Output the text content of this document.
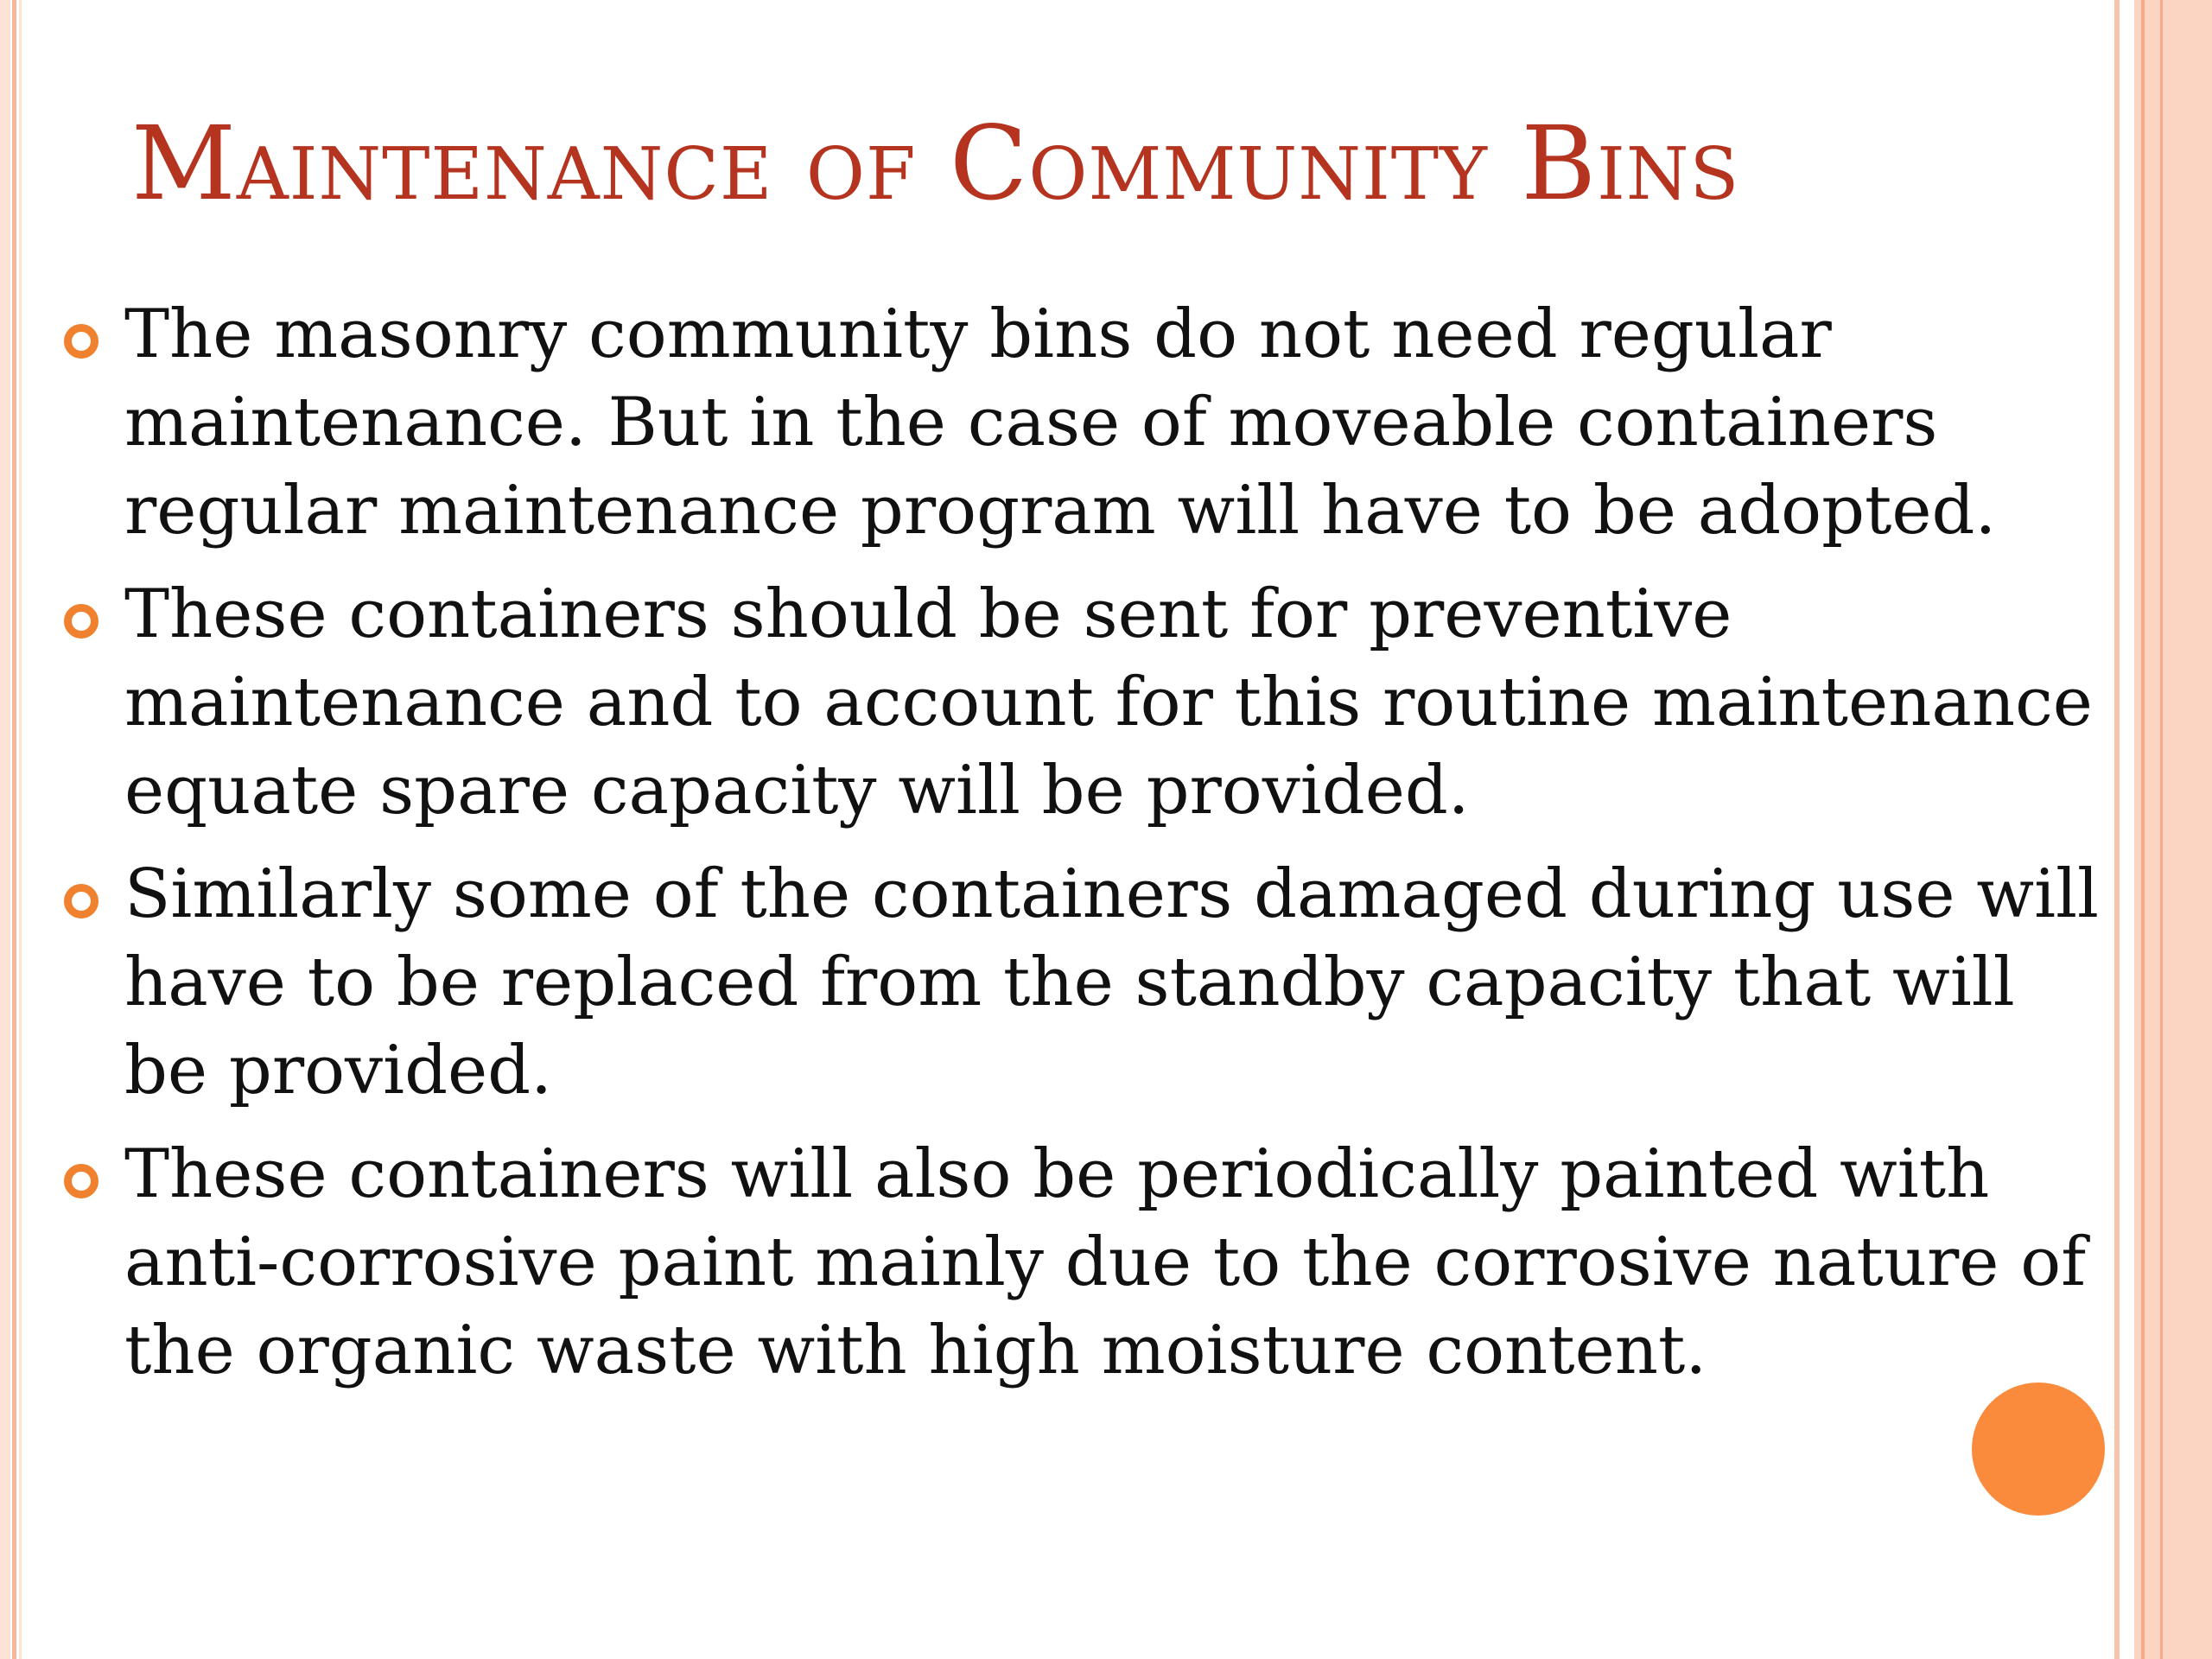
Maintenance of Community Bins
The masonry community bins do not need regular maintenance. But in the case of moveable containers regular maintenance program will have to be adopted.
These containers should be sent for preventive maintenance and to account for this routine maintenance equate spare capacity will be provided.
Similarly some of the containers damaged during use will have to be replaced from the standby capacity that will be provided.
These containers will also be periodically painted with anti-corrosive paint mainly due to the corrosive nature of the organic waste with high moisture content.
